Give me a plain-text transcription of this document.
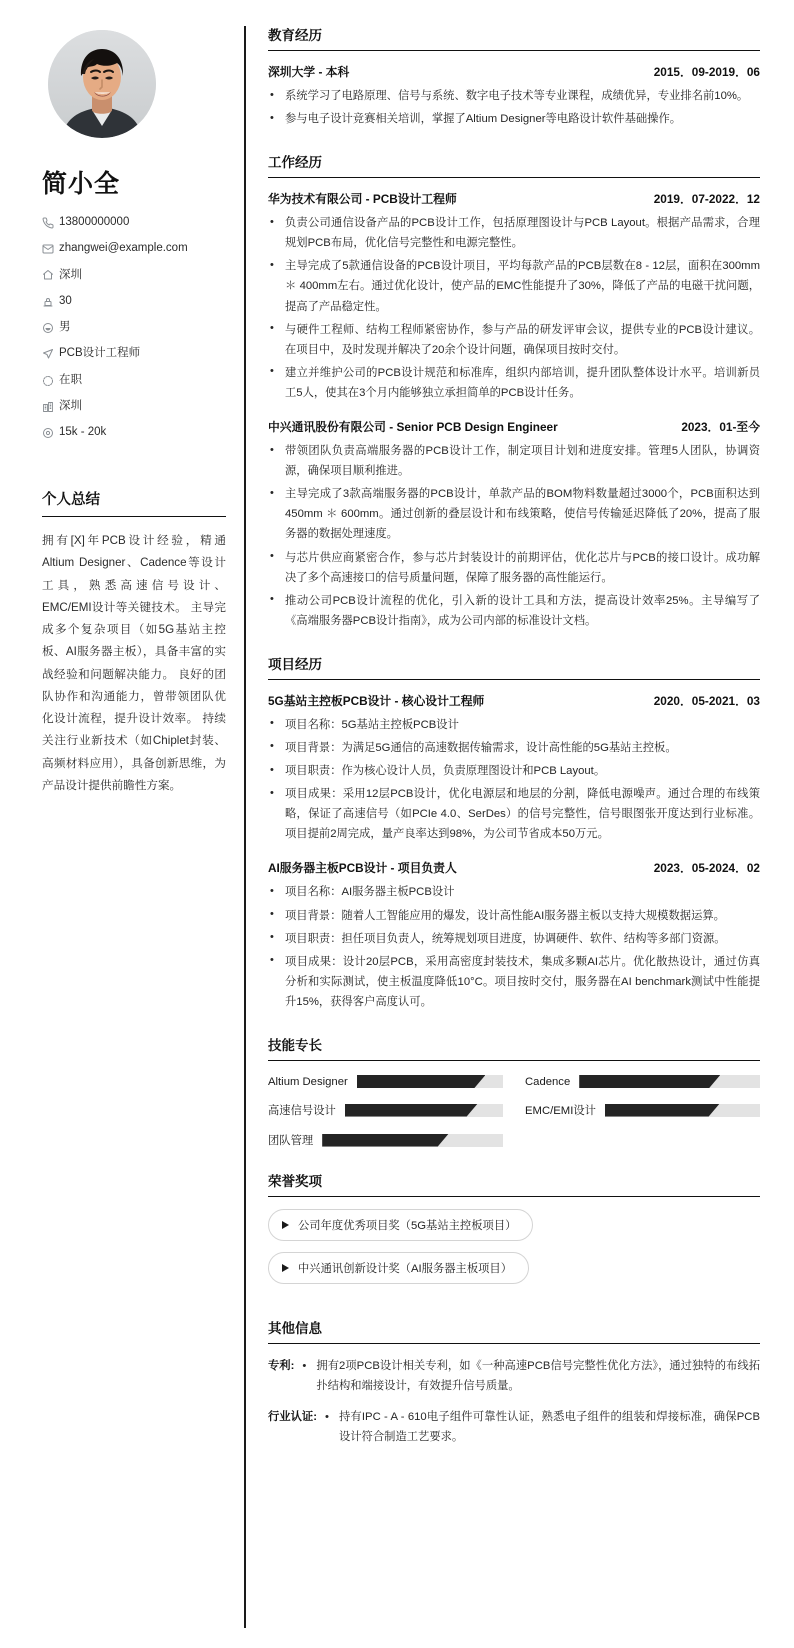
简小全
13800000000
zhangwei@example.com
深圳
30
男
PCB设计工程师
在职
深圳
15k - 20k
个人总结
拥有[X]年PCB设计经验，精通Altium Designer、Cadence等设计工具，熟悉高速信号设计、EMC/EMI设计等关键技术。 主导完成多个复杂项目（如5G基站主控板、AI服务器主板），具备丰富的实战经验和问题解决能力。 良好的团队协作和沟通能力，曾带领团队优化设计流程，提升设计效率。 持续关注行业新技术（如Chiplet封装、高频材料应用），具备创新思维，为产品设计提供前瞻性方案。
教育经历
深圳大学 - 本科	2015．09-2019．06
• 系统学习了电路原理、信号与系统、数字电子技术等专业课程，成绩优异，专业排名前10%。
• 参与电子设计竞赛相关培训，掌握了Altium Designer等电路设计软件基础操作。
工作经历
华为技术有限公司 - PCB设计工程师	2019．07-2022．12
• 负责公司通信设备产品的PCB设计工作，包括原理图设计与PCB Layout。根据产品需求，合理规划PCB布局，优化信号完整性和电源完整性。
• 主导完成了5款通信设备的PCB设计项目，平均每款产品的PCB层数在8 - 12层，面积在300mm ＊ 400mm左右。通过优化设计，使产品的EMC性能提升了30%，降低了产品的电磁干扰问题，提高了产品稳定性。
• 与硬件工程师、结构工程师紧密协作，参与产品的研发评审会议，提供专业的PCB设计建议。在项目中，及时发现并解决了20余个设计问题，确保项目按时交付。
• 建立并维护公司的PCB设计规范和标准库，组织内部培训，提升团队整体设计水平。培训新员工5人，使其在3个月内能够独立承担简单的PCB设计任务。
中兴通讯股份有限公司 - Senior PCB Design Engineer	2023．01-至今
• 带领团队负责高端服务器的PCB设计工作，制定项目计划和进度安排。管理5人团队，协调资源，确保项目顺利推进。
• 主导完成了3款高端服务器的PCB设计，单款产品的BOM物料数量超过3000个，PCB面积达到450mm ＊ 600mm。通过创新的叠层设计和布线策略，使信号传输延迟降低了20%，提高了服务器的数据处理速度。
• 与芯片供应商紧密合作，参与芯片封装设计的前期评估，优化芯片与PCB的接口设计。成功解决了多个高速接口的信号质量问题，保障了服务器的高性能运行。
• 推动公司PCB设计流程的优化，引入新的设计工具和方法，提高设计效率25%。主导编写了《高端服务器PCB设计指南》，成为公司内部的标准设计文档。
项目经历
5G基站主控板PCB设计 - 核心设计工程师	2020．05-2021．03
• 项目名称：5G基站主控板PCB设计
• 项目背景：为满足5G通信的高速数据传输需求，设计高性能的5G基站主控板。
• 项目职责：作为核心设计人员，负责原理图设计和PCB Layout。
• 项目成果：采用12层PCB设计，优化电源层和地层的分割，降低电源噪声。通过合理的布线策略，保证了高速信号（如PCIe 4.0、SerDes）的信号完整性，信号眼图张开度达到行业标准。项目提前2周完成，量产良率达到98%，为公司节省成本50万元。
AI服务器主板PCB设计 - 项目负责人	2023．05-2024．02
• 项目名称：AI服务器主板PCB设计
• 项目背景：随着人工智能应用的爆发，设计高性能AI服务器主板以支持大规模数据运算。
• 项目职责：担任项目负责人，统筹规划项目进度，协调硬件、软件、结构等多部门资源。
• 项目成果：设计20层PCB，采用高密度封装技术，集成多颗AI芯片。优化散热设计，通过仿真分析和实际测试，使主板温度降低10°C。项目按时交付，服务器在AI benchmark测试中性能提升15%，获得客户高度认可。
技能专长
Altium Designer	Cadence
高速信号设计	EMC/EMI设计
团队管理
荣誉奖项
公司年度优秀项目奖（5G基站主控板项目）
中兴通讯创新设计奖（AI服务器主板项目）
其他信息
专利:	• 拥有2项PCB设计相关专利，如《一种高速PCB信号完整性优化方法》，通过独特的布线拓扑结构和端接设计，有效提升信号质量。
行业认证:	• 持有IPC - A - 610电子组件可靠性认证，熟悉电子组件的组装和焊接标准，确保PCB设计符合制造工艺要求。
